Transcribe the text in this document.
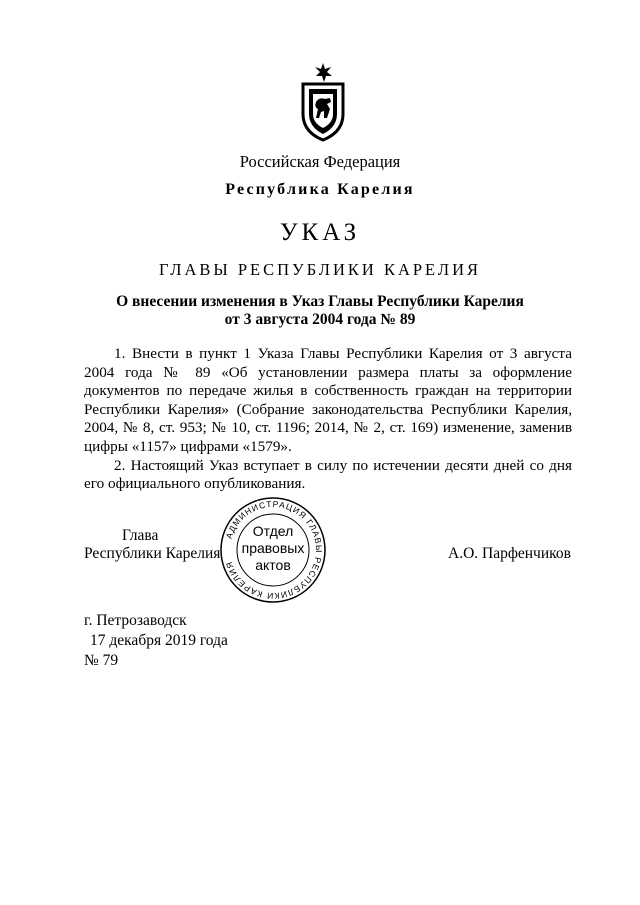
Российская Федерация
Республика Карелия
УКАЗ
ГЛАВЫ РЕСПУБЛИКИ КАРЕЛИЯ
О внесении изменения в Указ Главы Республики Карелия
от 3 августа 2004 года № 89

1. Внести в пункт 1 Указа Главы Республики Карелия от 3 августа 2004 года № 89 «Об установлении размера платы за оформление документов по передаче жилья в собственность граждан на территории Республики Карелия» (Собрание законодательства Республики Карелия, 2004, № 8, ст. 953; № 10, ст. 1196; 2014, № 2, ст. 169) изменение, заменив цифры «1157» цифрами «1579».

2. Настоящий Указ вступает в силу по истечении десяти дней со дня его официального опубликования.

Глава
Республики Карелия	А.О. Парфенчиков
АДМИНИСТРАЦИЯ ГЛАВЫ РЕСПУБЛИКИ КАРЕЛИЯ
Отдел
правовых
актов
г. Петрозаводск
17 декабря 2019 года
№ 79
